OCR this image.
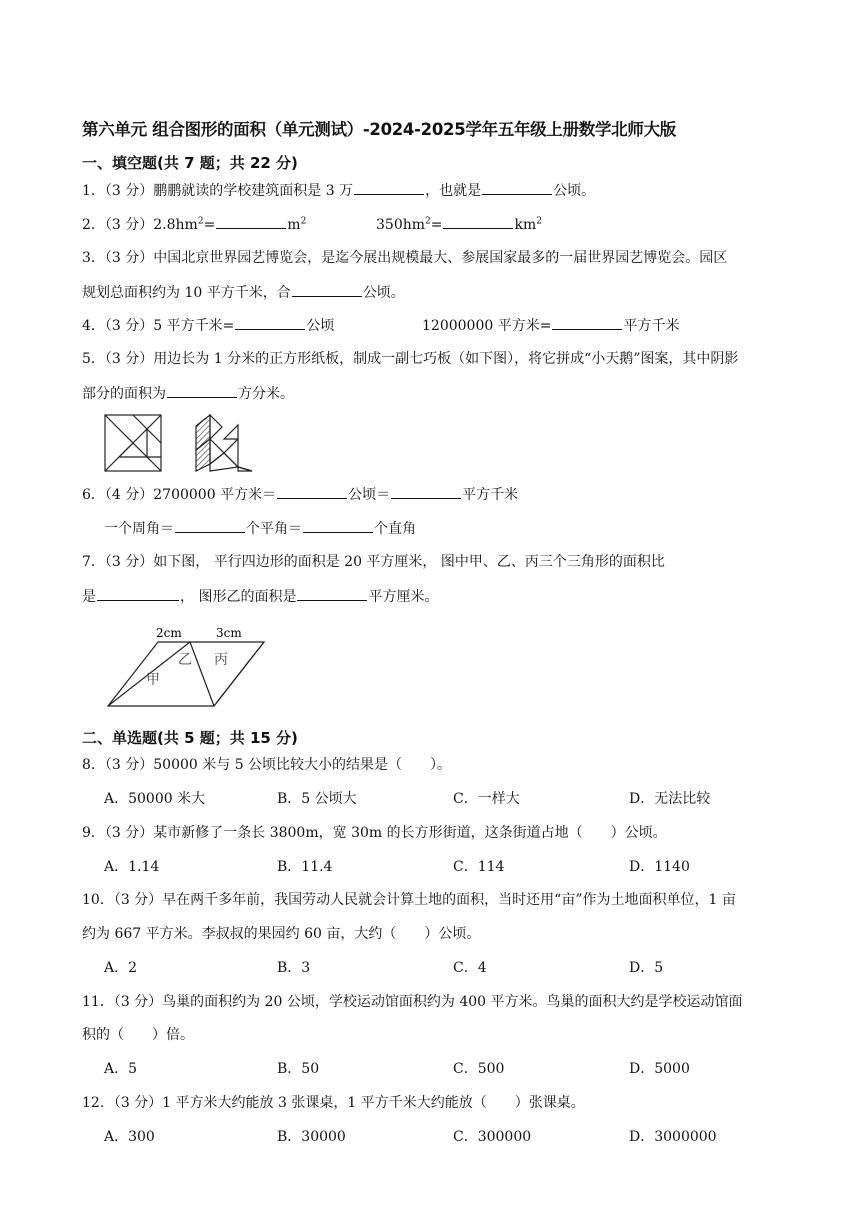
第六单元 组合图形的面积（单元测试）-2024-2025学年五年级上册数学北师大版
一、填空题(共 7 题；共 22 分)
1．（3 分）鹏鹏就读的学校建筑面积是 3 万	，也就是	公顷。
2．（3 分）$2.8hm^2=$	$m^2$	$350hm^2=$	$km^2$
3．（3 分）中国北京世界园艺博览会，是迄今展出规模最大、参展国家最多的一届世界园艺博览会。园区
规划总面积约为 10 平方千米，合	公顷。
4．（3 分）5 平方千米=	公顷	12000000 平方米=	平方千米
5．（3 分）用边长为 1 分米的正方形纸板，制成一副七巧板（如下图），将它拼成“小天鹅”图案，其中阴影
部分的面积为	方分米。
6．（4 分）2700000 平方米＝	公顷＝	平方千米
一个周角＝	个平角＝	个直角
7．（3 分）如下图， 平行四边形的面积是 20 平方厘米， 图中甲、乙、丙三个三角形的面积比
是	， 图形乙的面积是	平方厘米。
2cm	3cm
甲
乙 丙
二、单选题(共 5 题；共 15 分)
8．（3 分）50000 米与 5 公顷比较大小的结果是（　　）。
A．50000 米大	B．5 公顷大	C．一样大	D．无法比较
9．（3 分）某市新修了一条长 3800m，宽 30m 的长方形街道，这条街道占地（　　）公顷。
A．1.14	B．11.4	C．114	D．1140
10．（3 分）早在两千多年前，我国劳动人民就会计算土地的面积，当时还用“亩”作为土地面积单位，1 亩
约为 667 平方米。李叔叔的果园约 60 亩，大约（　　）公顷。
A．2	B．3	C．4	D．5
11．（3 分）鸟巢的面积约为 20 公顷，学校运动馆面积约为 400 平方米。鸟巢的面积大约是学校运动馆面
积的（　　）倍。
A．5	B．50	C．500	D．5000
12．（3 分）1 平方米大约能放 3 张课桌，1 平方千米大约能放（　　）张课桌。
A．300	B．30000	C．300000	D．3000000
